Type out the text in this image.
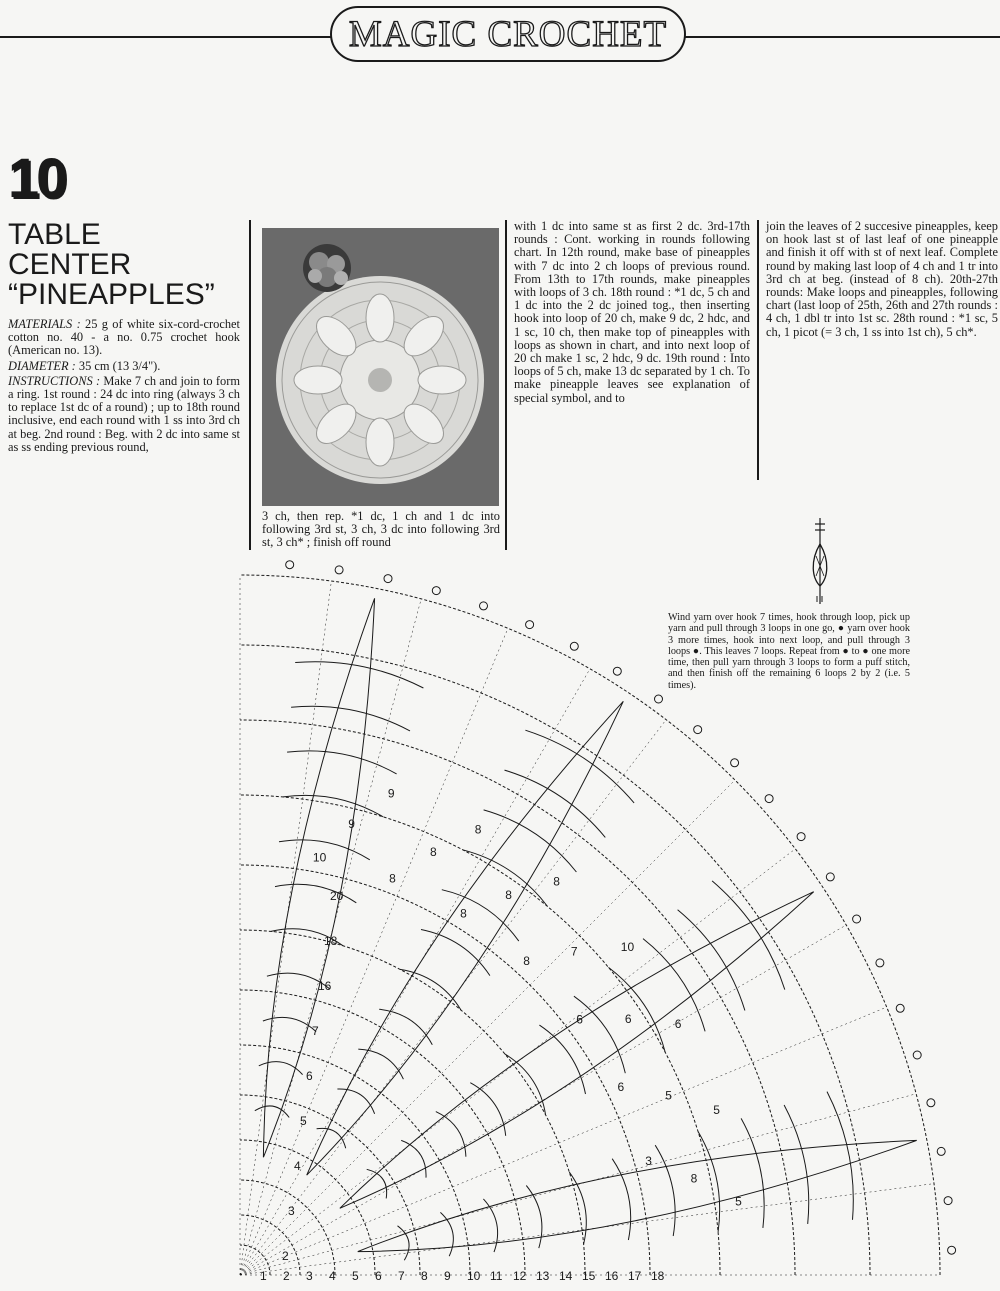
MAGIC CROCHET
10
TABLE
CENTER
“PINEAPPLES”

MATERIALS : 25 g of white six-cord-crochet cotton no. 40 - a no. 0.75 crochet hook (American no. 13).

DIAMETER : 35 cm (13 3/4").

INSTRUCTIONS : Make 7 ch and join to form a ring. 1st round : 24 dc into ring (always 3 ch to replace 1st dc of a round) ; up to 18th round inclusive, end each round with 1 ss into 3rd ch at beg. 2nd round : Beg. with 2 dc into same st as ss ending previous round,

3 ch, then rep. *1 dc, 1 ch and 1 dc into following 3rd st, 3 ch, 3 dc into following 3rd st, 3 ch* ; finish off round

with 1 dc into same st as first 2 dc. 3rd-17th rounds : Cont. working in rounds following chart. In 12th round, make base of pineapples with 7 dc into 2 ch loops of previous round. From 13th to 17th rounds, make pineapples with loops of 3 ch. 18th round : *1 dc, 5 ch and 1 dc into the 2 dc joined tog., then inserting hook into loop of 20 ch, make 9 dc, 2 hdc, and 1 sc, 10 ch, then make top of pineapples with loops as shown in chart, and into next loop of 20 ch make 1 sc, 2 hdc, 9 dc. 19th round : Into loops of 5 ch, make 13 dc separated by 1 ch. To make pineapple leaves see explanation of special symbol, and to

join the leaves of 2 succesive pineapples, keep on hook last st of last leaf of one pineapple and finish it off with st of next leaf. Complete round by making last loop of 4 ch and 1 tr into 3rd ch at beg. (instead of 8 ch). 20th-27th rounds: Make loops and pineapples, following chart (last loop of 25th, 26th and 27th rounds : 4 ch, 1 dbl tr into 1st sc. 28th round : *1 sc, 5 ch, 1 picot (= 3 ch, 1 ss into 1st ch), 5 ch*.

Wind yarn over hook 7 times, hook through loop, pick up yarn and pull through 3 loops in one go, ● yarn over hook 3 more times, hook into next loop, and pull through 3 loops ●. This leaves 7 loops. Repeat from ● to ● one more time, then pull yarn through 3 loops to form a puff stitch, and then finish off the remaining 6 loops 2 by 2 (i.e. 5 times).
1 2 3 4 5 6 7 8 9 10 11 12 13 14 15 16 17 18
20
18
16
7
6
5
4
3
2
10
9
9
8
8
8
8
8
8
8
7	10
6	6	6
6
5
5
3
8
5
